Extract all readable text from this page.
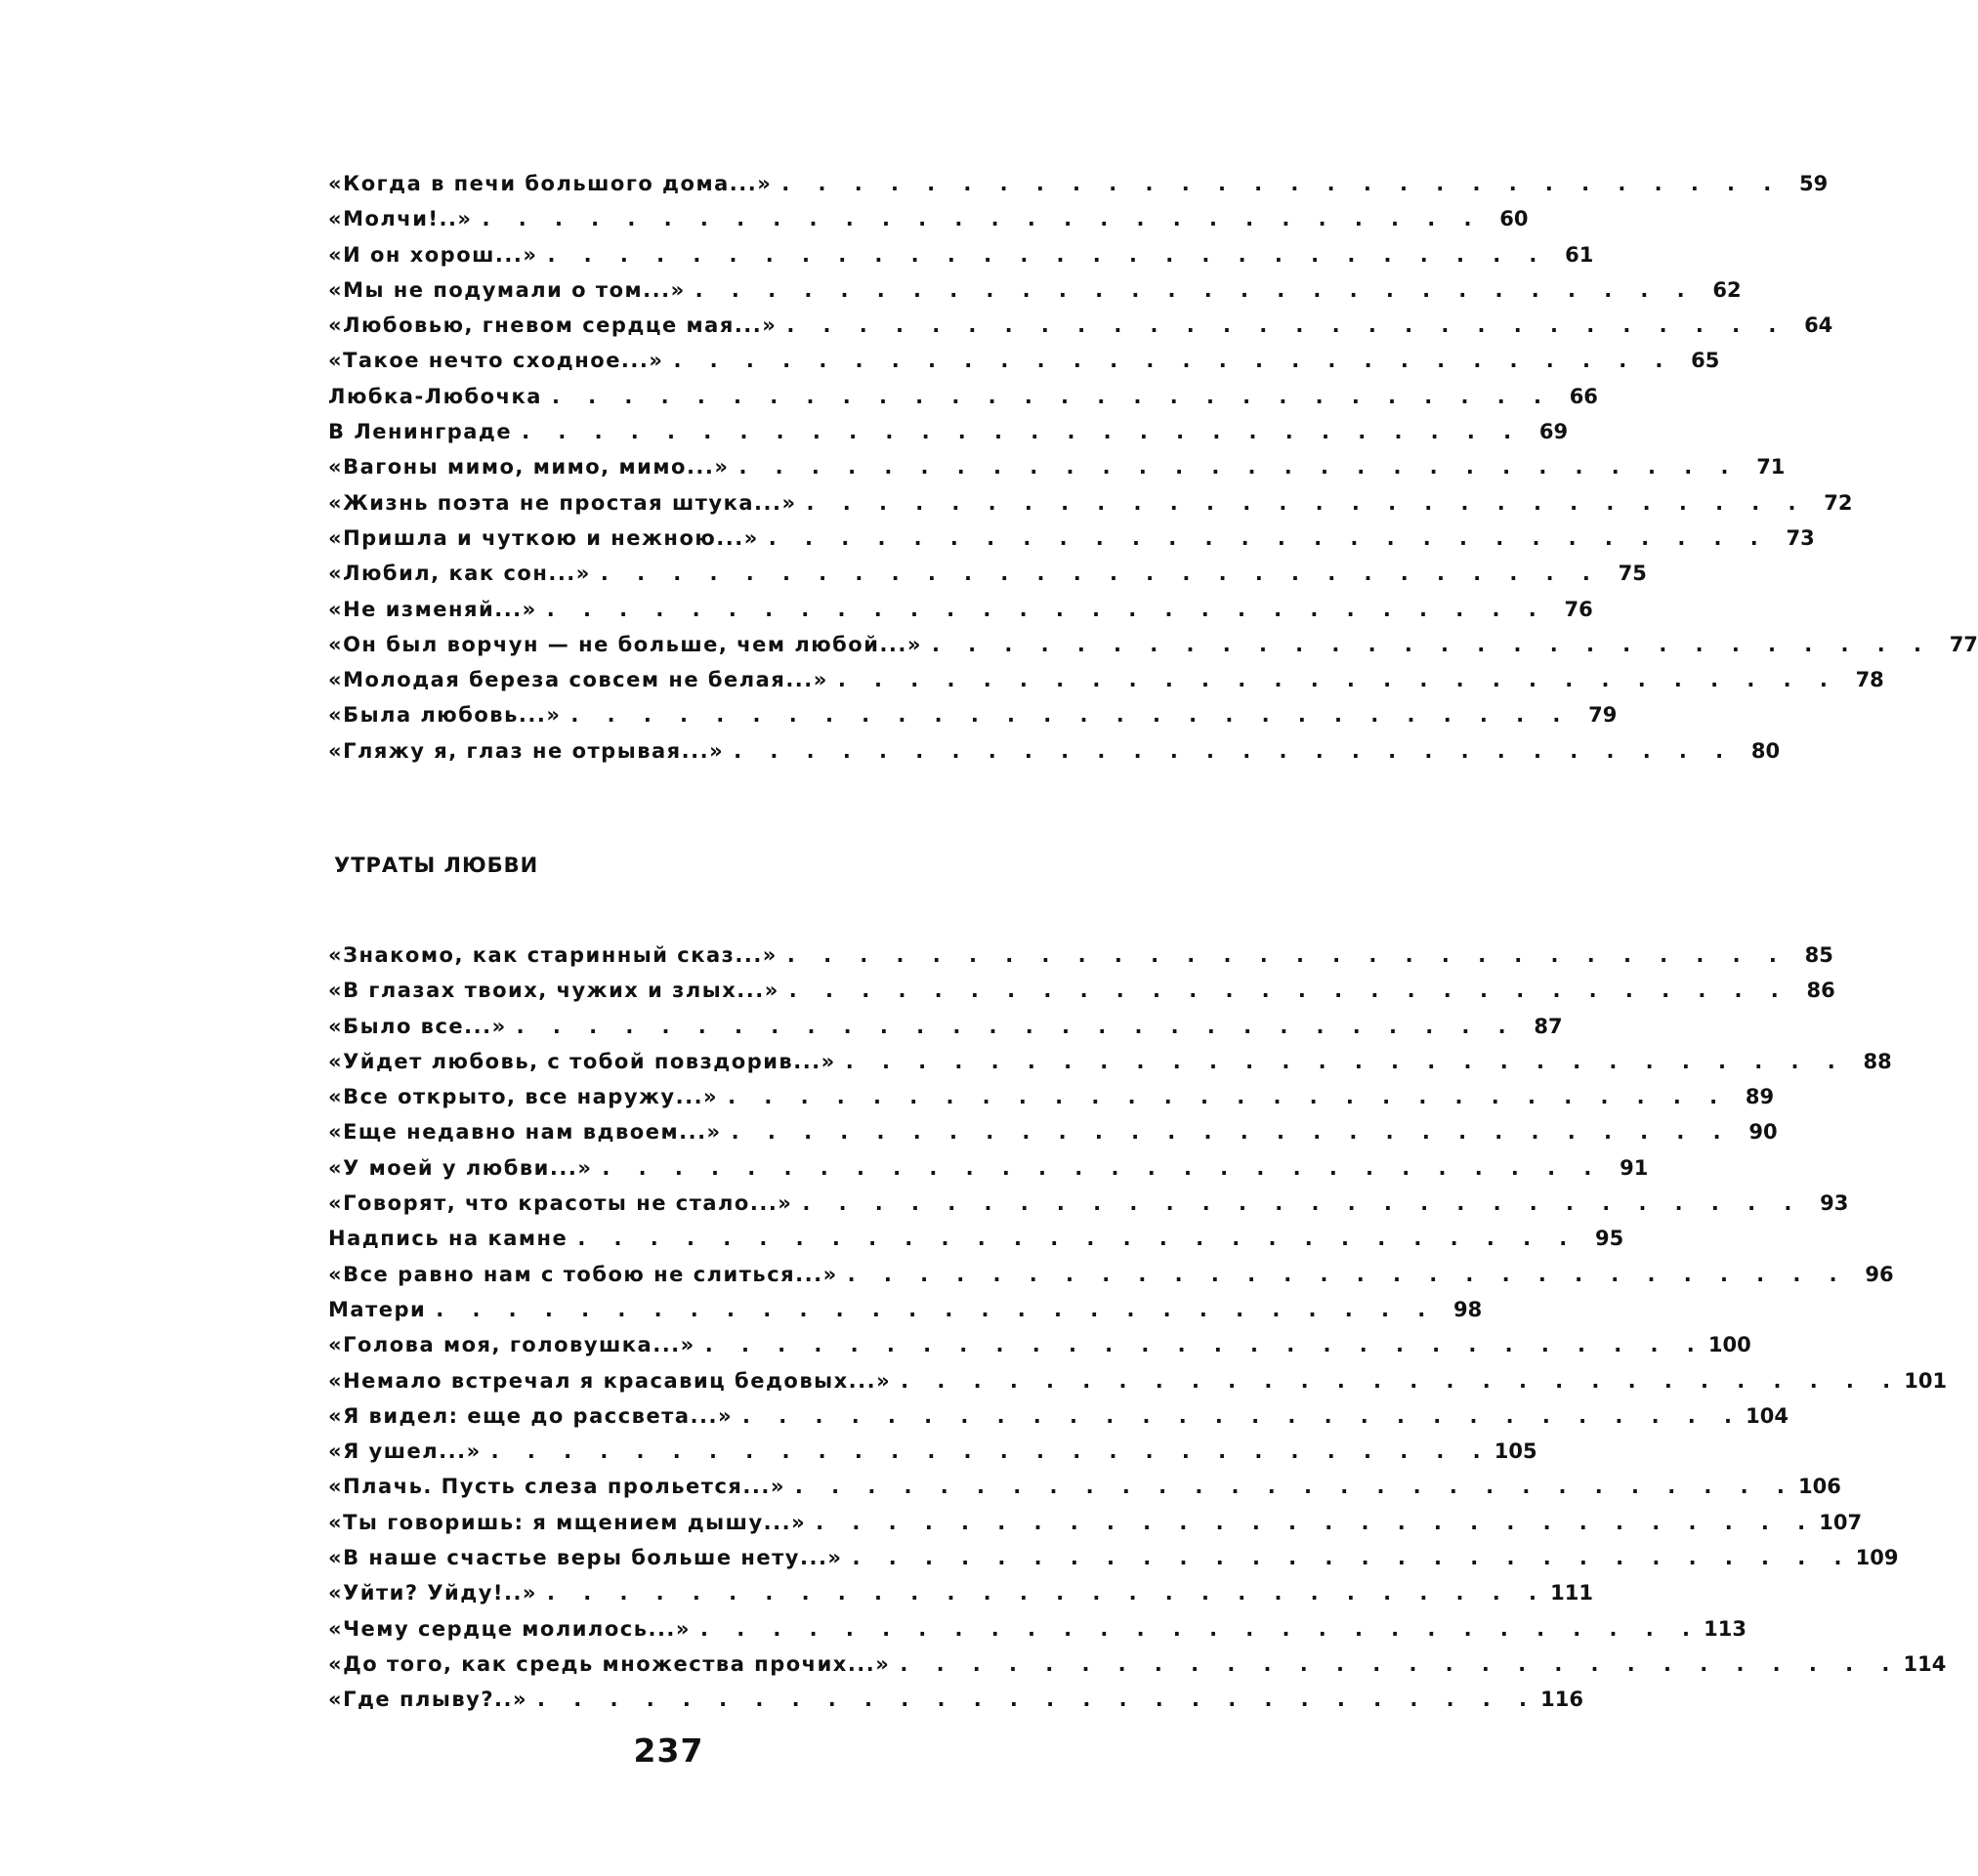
«Когда в печи большого дома...» .	59
«Молчи!..» .	60
«И он хорош...» .	61
«Мы не подумали о том...» .	62
«Любовью, гневом сердце мая...» .	64
«Такое нечто сходное...» .	65
Любка-Любочка .	66
В Ленинграде .	69
«Вагоны мимо, мимо, мимо...» .	71
«Жизнь поэта не простая штука...» .	72
«Пришла и чуткою и нежною...» .	73
«Любил, как сон...» .	75
«Не изменяй...» .	76
«Он был ворчун — не больше, чем любой...» .	77
«Молодая береза совсем не белая...» .	78
«Была любовь...» .	79
«Гляжу я, глаз не отрывая...» .	80
УТРАТЫ ЛЮБВИ
«Знакомо, как старинный сказ...» .	85
«В глазах твоих, чужих и злых...» .	86
«Было все...» .	87
«Уйдет любовь, с тобой повздорив...» .	88
«Все открыто, все наружу...» .	89
«Еще недавно нам вдвоем...» .	90
«У моей у любви...» .	91
«Говорят, что красоты не стало...» .	93
Надпись на камне .	95
«Все равно нам с тобою не слиться...» .	96
Матери .	98
«Голова моя, головушка...» .	100
«Немало встречал я красавиц бедовых...» .	101
«Я видел: еще до рассвета...» .	104
«Я ушел...» .	105
«Плачь. Пусть слеза прольется...» .	106
«Ты говоришь: я мщением дышу...» .	107
«В наше счастье веры больше нету...» .	109
«Уйти? Уйду!..» .	111
«Чему сердце молилось...» .	113
«До того, как средь множества прочих...» .	114
«Где плыву?..» .	116
237
